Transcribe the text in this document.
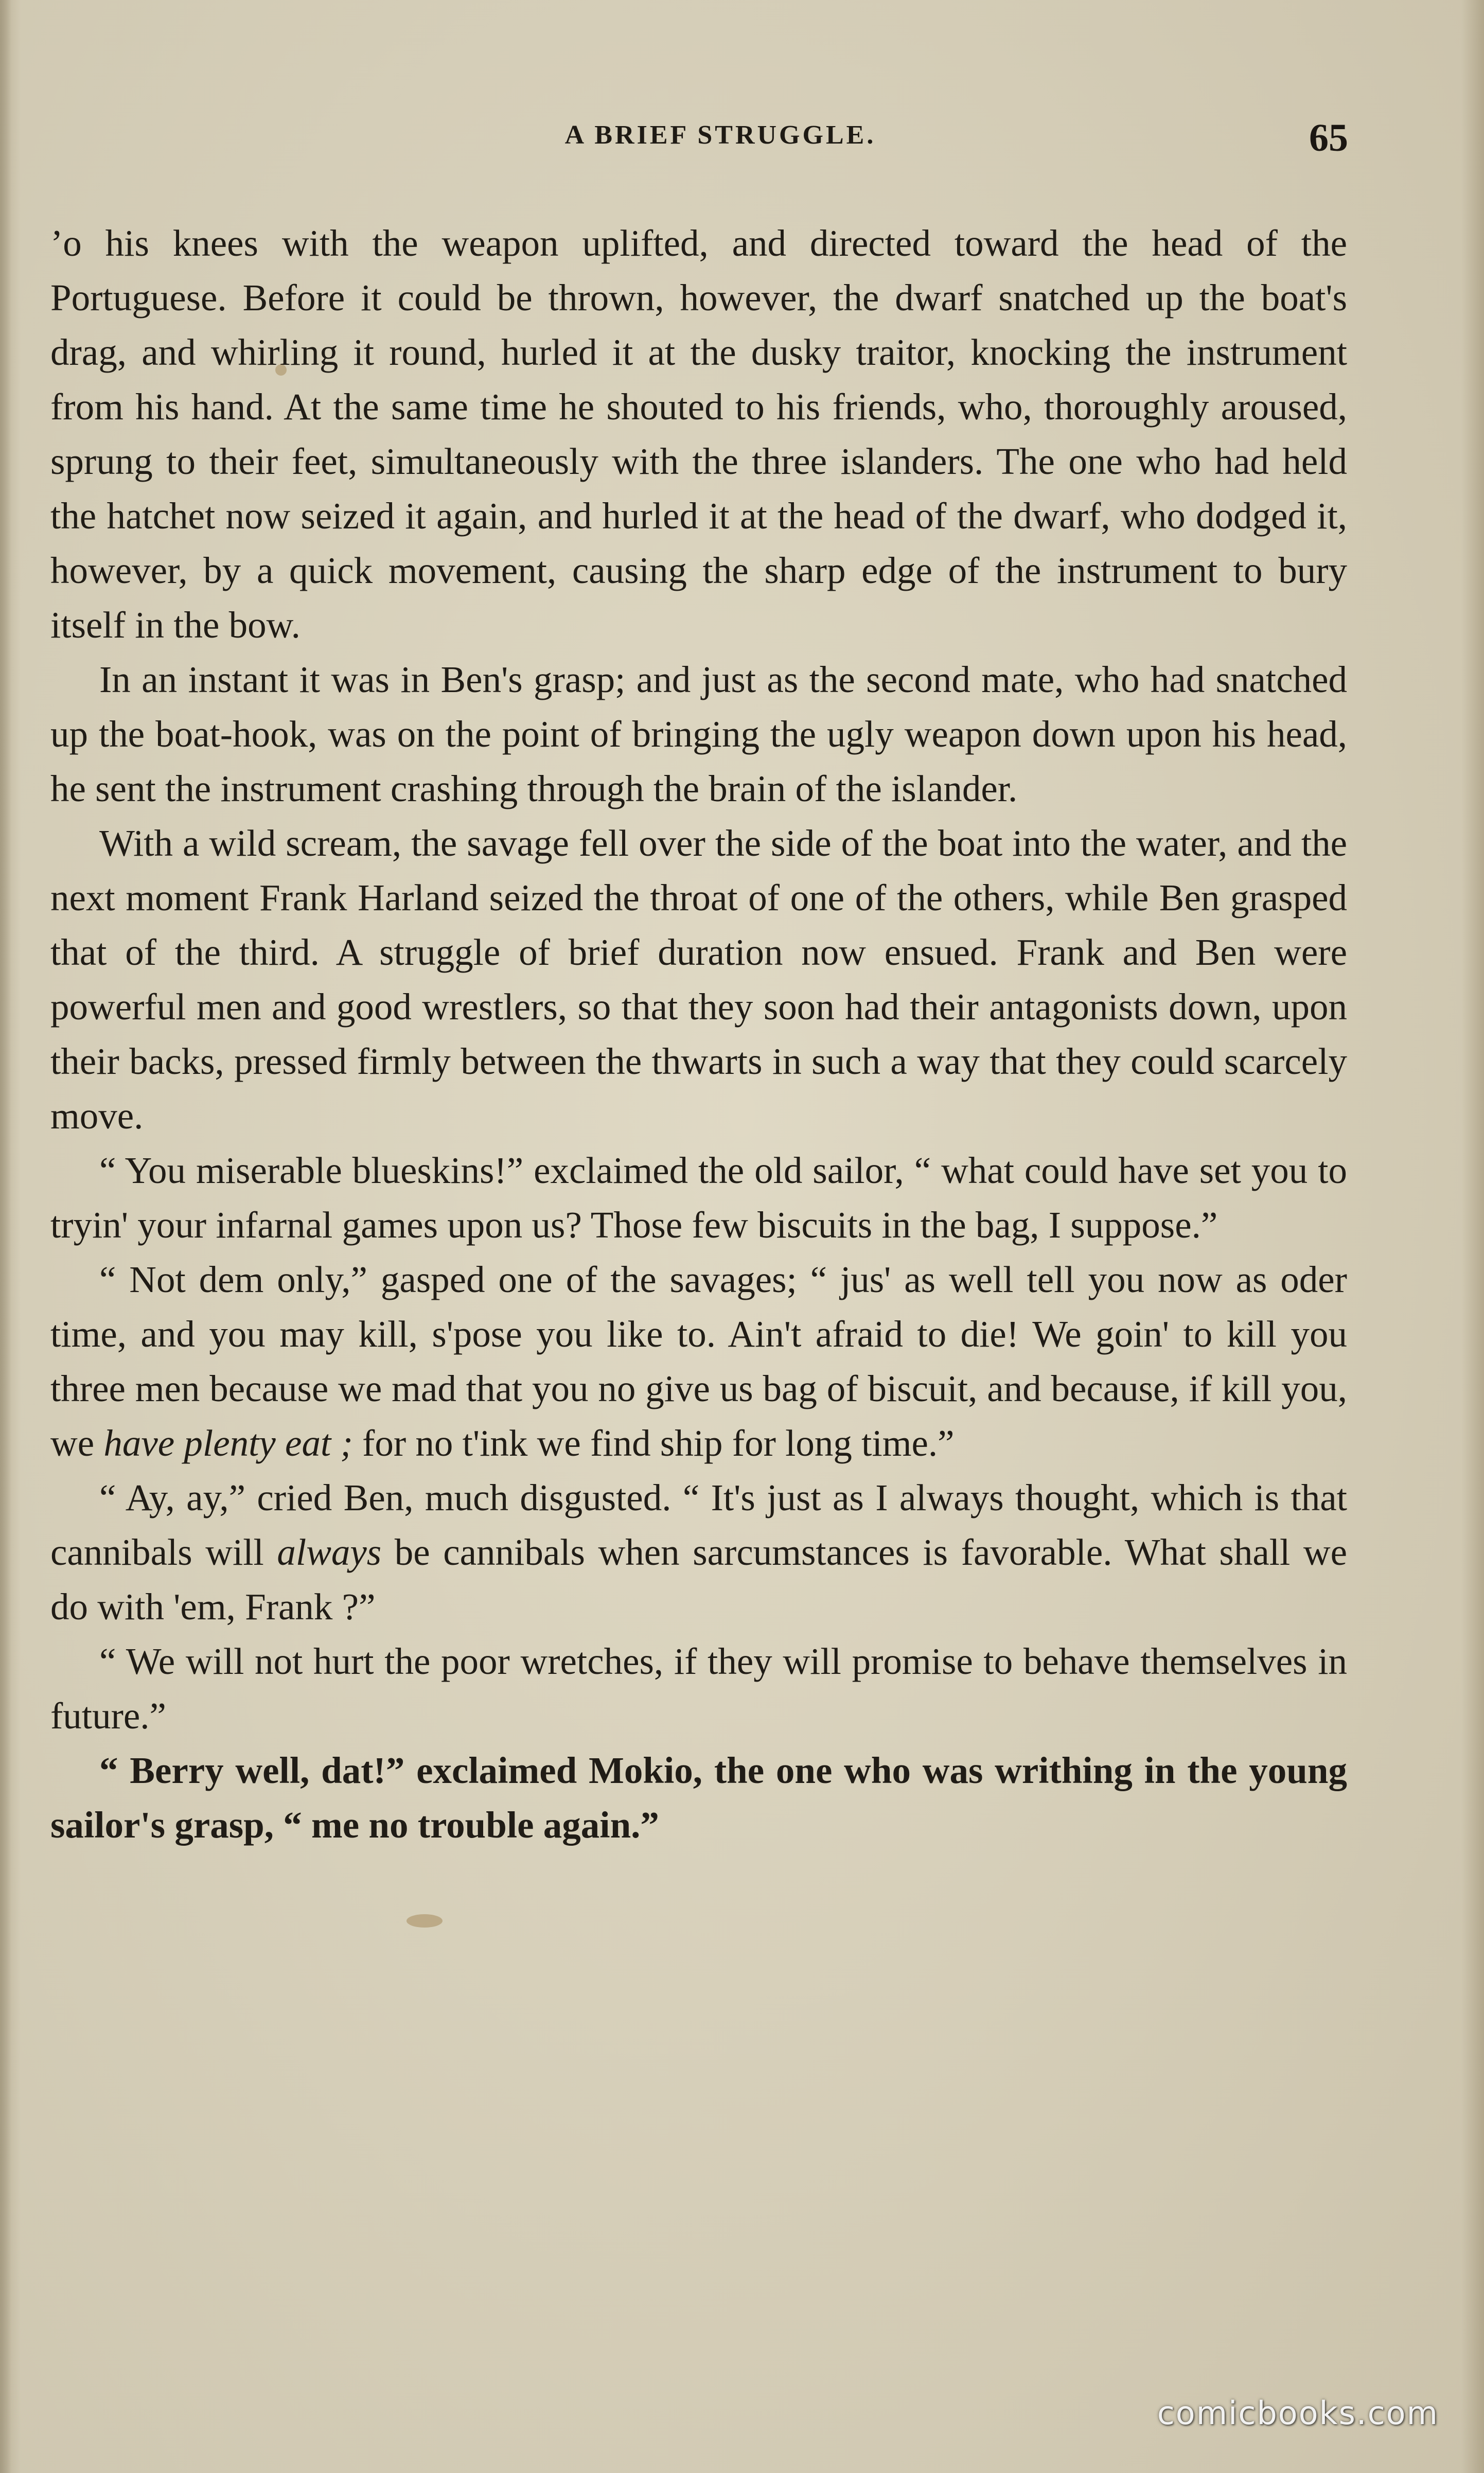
A BRIEF STRUGGLE.	65

ʼo his knees with the weapon uplifted, and directed toward the head of the Portuguese. Before it could be thrown, however, the dwarf snatched up the boat's drag, and whirling it round, hurled it at the dusky traitor, knocking the instrument from his hand. At the same time he shouted to his friends, who, thoroughly aroused, sprung to their feet, simultaneously with the three islanders. The one who had held the hatchet now seized it again, and hurled it at the head of the dwarf, who dodged it, however, by a quick movement, causing the sharp edge of the instrument to bury itself in the bow.

In an instant it was in Ben's grasp; and just as the second mate, who had snatched up the boat-hook, was on the point of bringing the ugly weapon down upon his head, he sent the instrument crashing through the brain of the islander.

With a wild scream, the savage fell over the side of the boat into the water, and the next moment Frank Harland seized the throat of one of the others, while Ben grasped that of the third. A struggle of brief duration now ensued. Frank and Ben were powerful men and good wrestlers, so that they soon had their antagonists down, upon their backs, pressed firmly between the thwarts in such a way that they could scarcely move.

“ You miserable blueskins!” exclaimed the old sailor, “ what could have set you to tryin' your infarnal games upon us? Those few biscuits in the bag, I suppose.”

“ Not dem only,” gasped one of the savages; “ jus' as well tell you now as oder time, and you may kill, s'pose you like to. Ain't afraid to die! We goin' to kill you three men because we mad that you no give us bag of biscuit, and because, if kill you, we have plenty eat ; for no t'ink we find ship for long time.”

“ Ay, ay,” cried Ben, much disgusted. “ It's just as I always thought, which is that cannibals will always be cannibals when sarcumstances is favorable. What shall we do with 'em, Frank ?”

“ We will not hurt the poor wretches, if they will promise to behave themselves in future.”

“ Berry well, dat!” exclaimed Mokio, the one who was writhing in the young sailor's grasp, “ me no trouble again.”

comicbooks.com
